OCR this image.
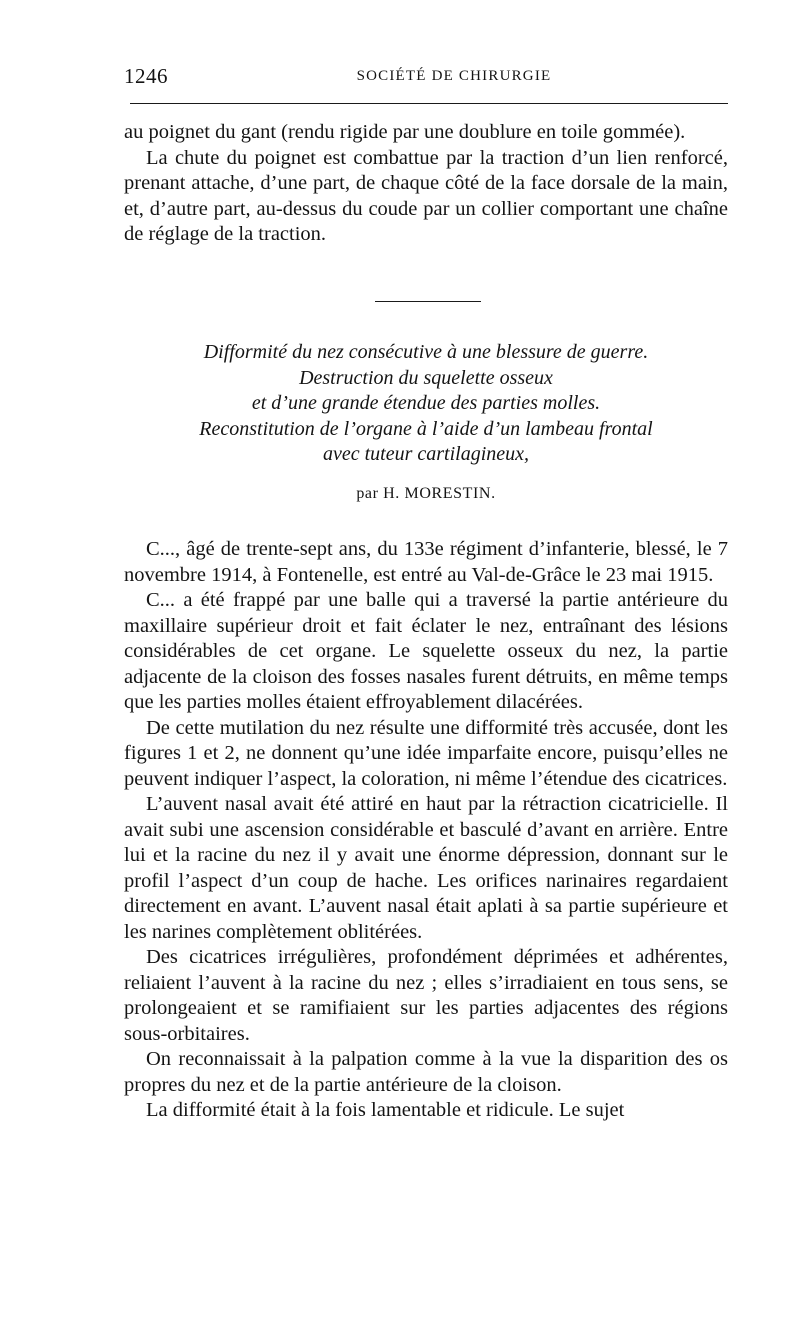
1246	SOCIÉTÉ DE CHIRURGIE

au poignet du gant (rendu rigide par une doublure en toile gommée).

La chute du poignet est combattue par la traction d’un lien renforcé, prenant attache, d’une part, de chaque côté de la face dorsale de la main, et, d’autre part, au-dessus du coude par un collier comportant une chaîne de réglage de la traction.

Difformité du nez consécutive à une blessure de guerre.
Destruction du squelette osseux
et d’une grande étendue des parties molles.
Reconstitution de l’organe à l’aide d’un lambeau frontal
avec tuteur cartilagineux,
par H. MORESTIN.

C..., âgé de trente-sept ans, du 133e régiment d’infanterie, blessé, le 7 novembre 1914, à Fontenelle, est entré au Val-de-Grâce le 23 mai 1915.

C... a été frappé par une balle qui a traversé la partie antérieure du maxillaire supérieur droit et fait éclater le nez, entraînant des lésions considérables de cet organe. Le squelette osseux du nez, la partie adjacente de la cloison des fosses nasales furent détruits, en même temps que les parties molles étaient effroyablement dilacérées.

De cette mutilation du nez résulte une difformité très accusée, dont les figures 1 et 2, ne donnent qu’une idée imparfaite encore, puisqu’elles ne peuvent indiquer l’aspect, la coloration, ni même l’étendue des cicatrices.

L’auvent nasal avait été attiré en haut par la rétraction cicatricielle. Il avait subi une ascension considérable et basculé d’avant en arrière. Entre lui et la racine du nez il y avait une énorme dépression, donnant sur le profil l’aspect d’un coup de hache. Les orifices narinaires regardaient directement en avant. L’auvent nasal était aplati à sa partie supérieure et les narines complètement oblitérées.

Des cicatrices irrégulières, profondément déprimées et adhérentes, reliaient l’auvent à la racine du nez ; elles s’irradiaient en tous sens, se prolongeaient et se ramifiaient sur les parties adjacentes des régions sous-orbitaires.

On reconnaissait à la palpation comme à la vue la disparition des os propres du nez et de la partie antérieure de la cloison.

La difformité était à la fois lamentable et ridicule. Le sujet
